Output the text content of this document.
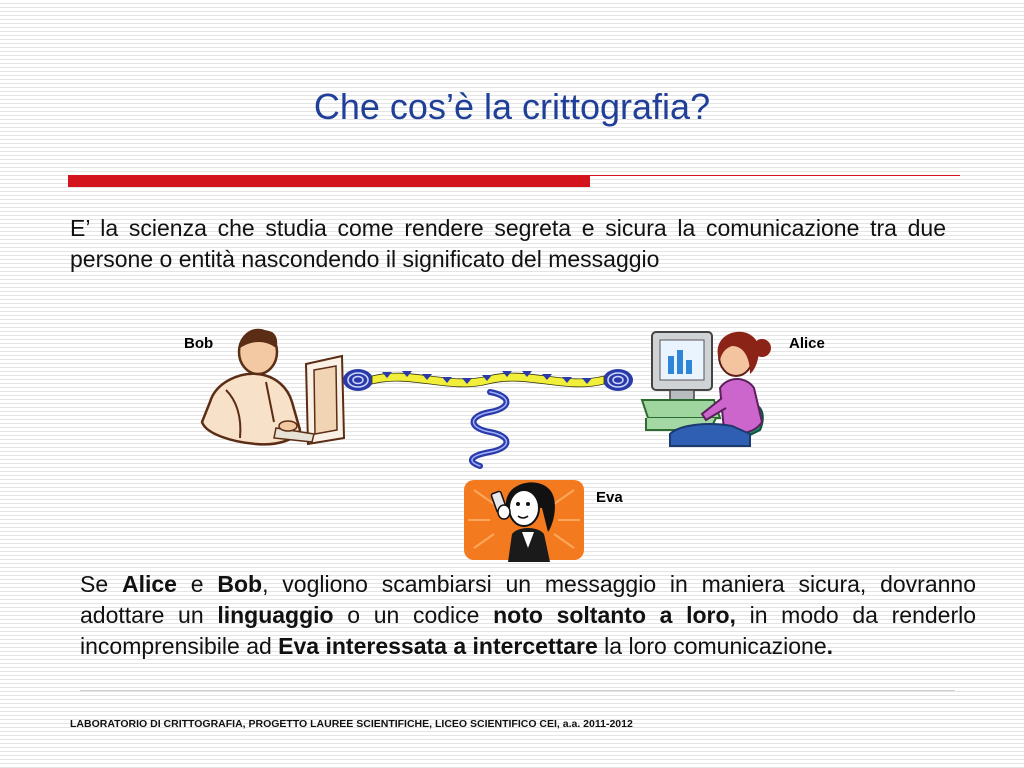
Che cos’è la crittografia?

E’ la scienza che studia come rendere segreta e sicura la comunicazione tra due persone o entità nascondendo il significato del messaggio

Bob	Alice
Eva

Se Alice e Bob, vogliono scambiarsi un messaggio in maniera sicura, dovranno adottare un linguaggio o un codice noto soltanto a loro, in modo da renderlo incomprensibile ad Eva interessata a intercettare la loro comunicazione.

LABORATORIO DI CRITTOGRAFIA, PROGETTO LAUREE SCIENTIFICHE, LICEO SCIENTIFICO CEI, a.a. 2011-2012
